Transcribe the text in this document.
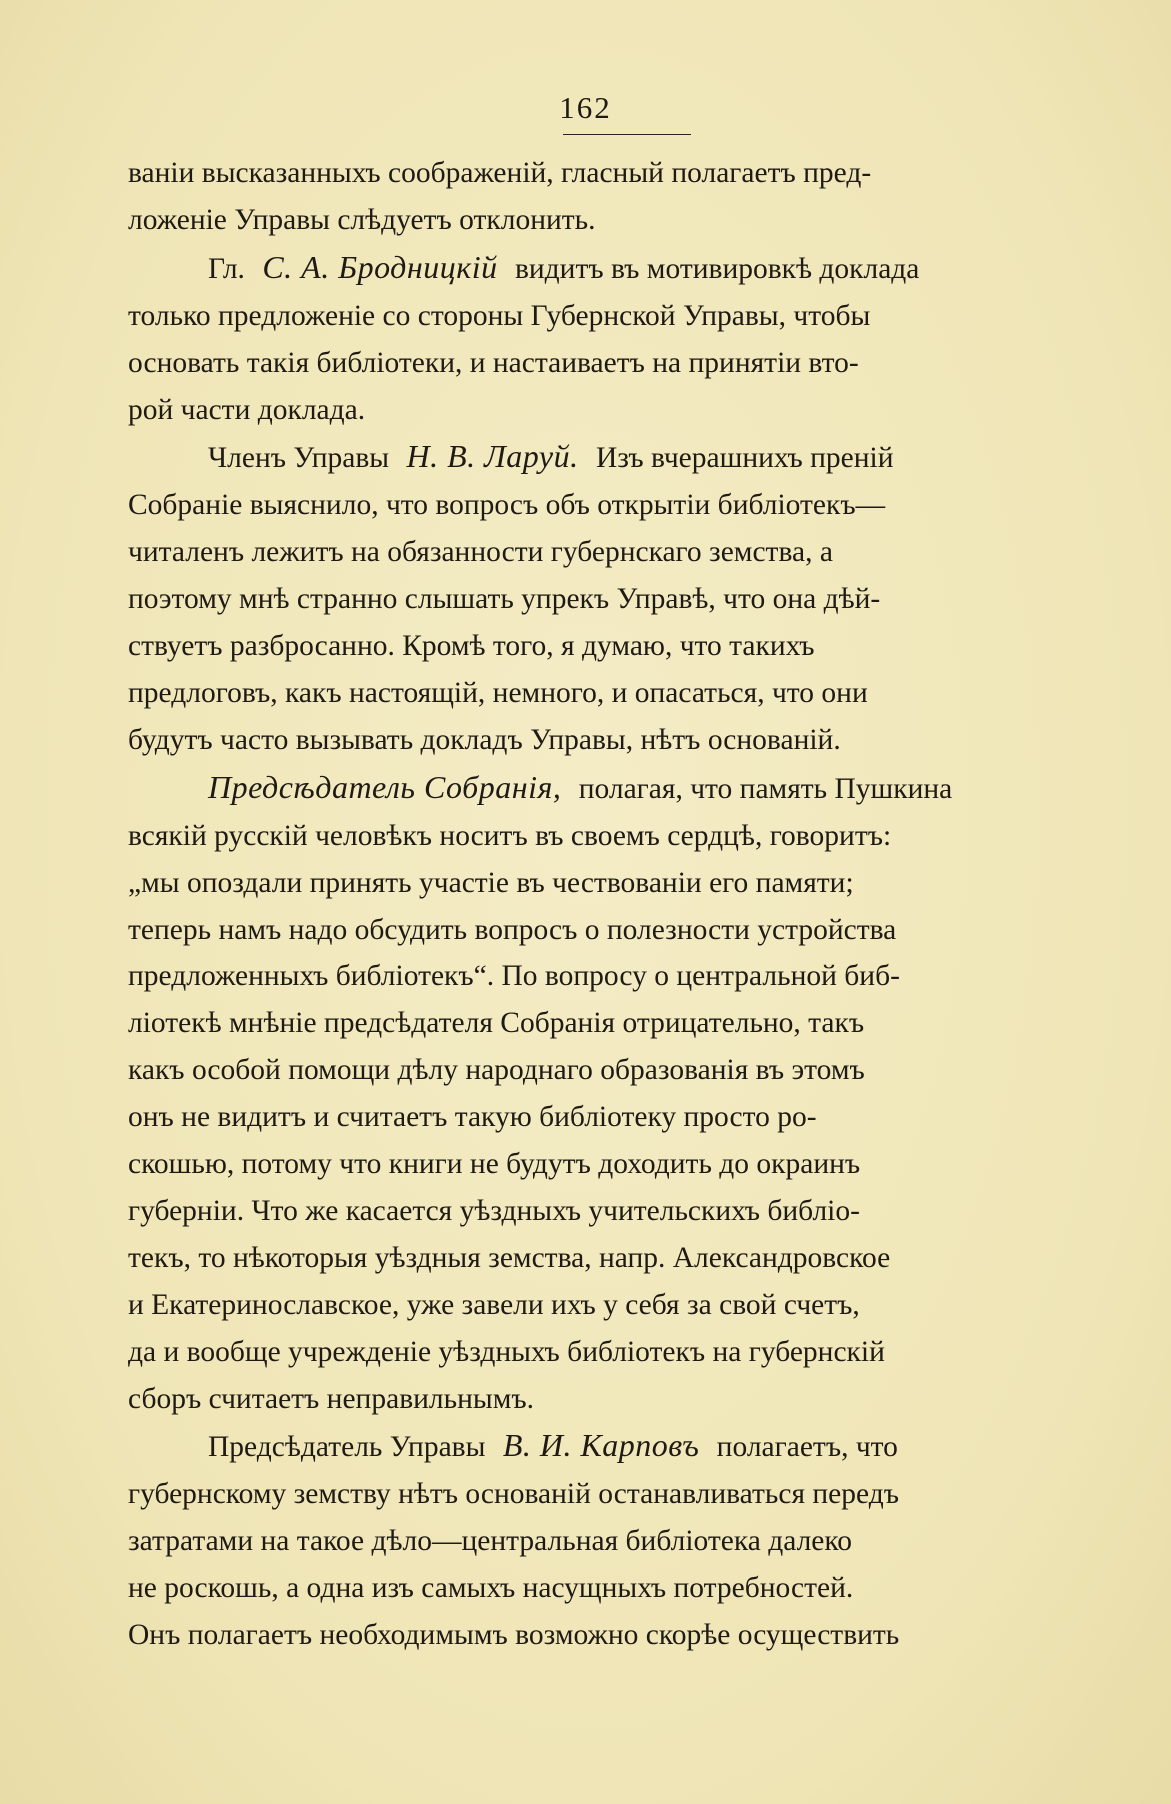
162

ваніи высказанныхъ соображеній, гласный полагаетъ пред-
ложеніе Управы слѣдуетъ отклонить.

Гл. С. А. Бродницкій видитъ въ мотивировкѣ доклада
только предложеніе со стороны Губернской Управы, чтобы
основать такія библіотеки, и настаиваетъ на принятіи вто-
рой части доклада.

Членъ Управы Н. В. Ларуй. Изъ вчерашнихъ преній
Собраніе выяснило, что вопросъ объ открытіи библіотекъ—
читаленъ лежитъ на обязанности губернскаго земства, а
поэтому мнѣ странно слышать упрекъ Управѣ, что она дѣй-
ствуетъ разбросанно. Кромѣ того, я думаю, что такихъ
предлоговъ, какъ настоящій, немного, и опасаться, что они
будутъ часто вызывать докладъ Управы, нѣтъ основаній.

Предсѣдатель Собранія, полагая, что память Пушкина
всякій русскій человѣкъ носитъ въ своемъ сердцѣ, говоритъ:
„мы опоздали принять участіе въ чествованіи его памяти;
теперь намъ надо обсудить вопросъ о полезности устройства
предложенныхъ библіотекъ“. По вопросу о центральной биб-
ліотекѣ мнѣніе предсѣдателя Собранія отрицательно, такъ
какъ особой помощи дѣлу народнаго образованія въ этомъ
онъ не видитъ и считаетъ такую библіотеку просто ро-
скошью, потому что книги не будутъ доходить до окраинъ
губерніи. Что же касается уѣздныхъ учительскихъ библіо-
текъ, то нѣкоторыя уѣздныя земства, напр. Александровское
и Екатеринославское, уже завели ихъ у себя за свой счетъ,
да и вообще учрежденіе уѣздныхъ библіотекъ на губернскій
сборъ считаетъ неправильнымъ.

Предсѣдатель Управы В. И. Карповъ полагаетъ, что
губернскому земству нѣтъ основаній останавливаться передъ
затратами на такое дѣло—центральная библіотека далеко
не роскошь, а одна изъ самыхъ насущныхъ потребностей.
Онъ полагаетъ необходимымъ возможно скорѣе осуществить
